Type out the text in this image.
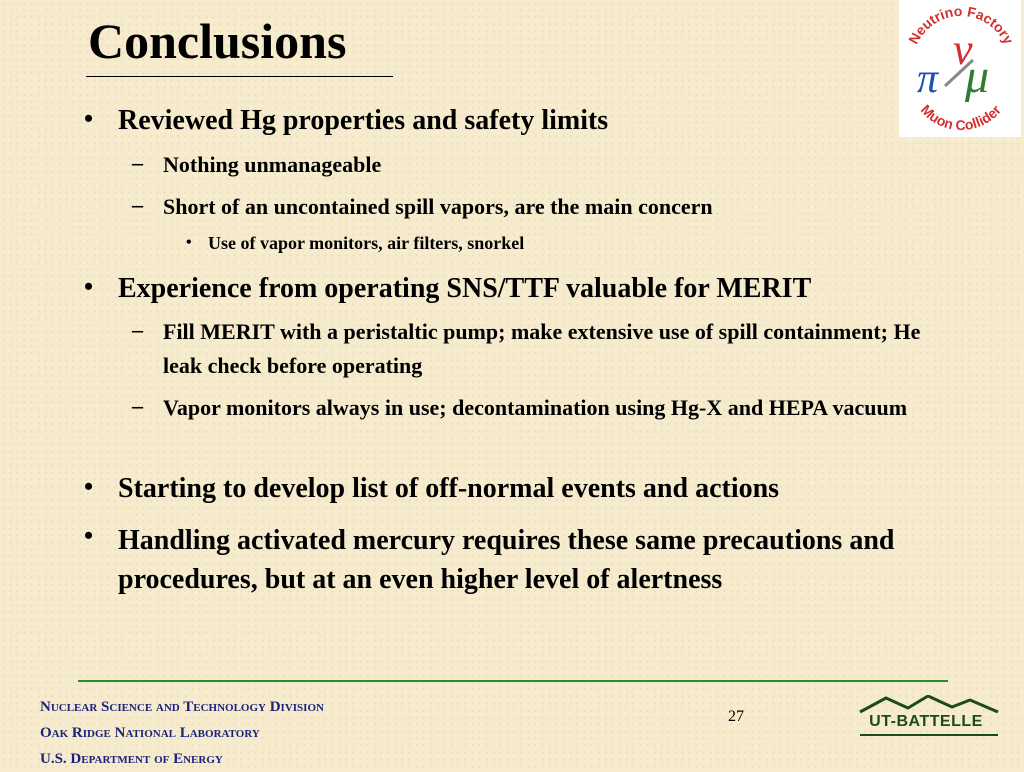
Conclusions	Neutrino Factory
Muon Collider
ν
π μ
• Reviewed Hg properties and safety limits
– Nothing unmanageable
– Short of an uncontained spill vapors, are the main concern
• Use of vapor monitors, air filters, snorkel
• Experience from operating SNS/TTF valuable for MERIT
– Fill MERIT with a peristaltic pump; make extensive use of spill containment; He leak check before operating
– Vapor monitors always in use; decontamination using Hg-X and HEPA vacuum
• Starting to develop list of off-normal events and actions
• Handling activated mercury requires these same precautions and procedures, but at an even higher level of alertness
Nuclear Science and Technology Division
Oak Ridge National Laboratory
U.S. Department of Energy
27	UT-BATTELLE
